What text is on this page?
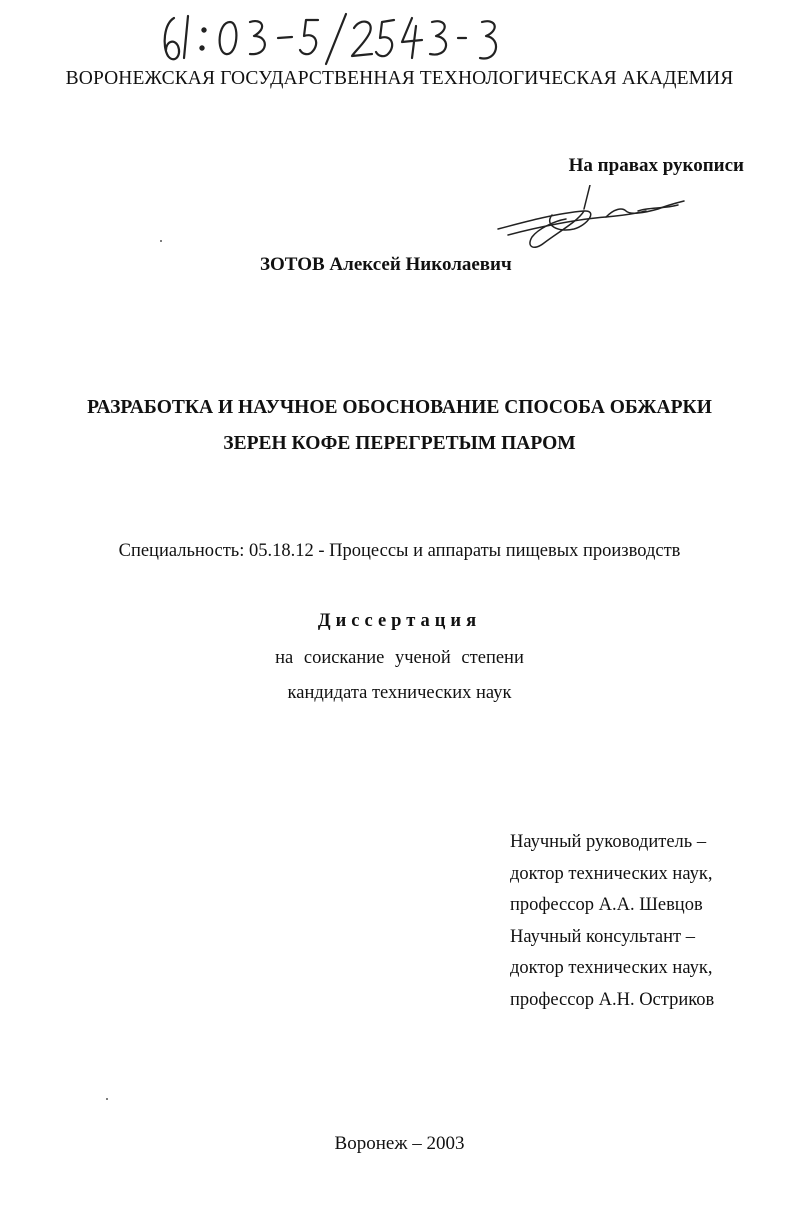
ВОРОНЕЖСКАЯ ГОСУДАРСТВЕННАЯ ТЕХНОЛОГИЧЕСКАЯ АКАДЕМИЯ
На правах рукописи
ЗОТОВ Алексей Николаевич
РАЗРАБОТКА И НАУЧНОЕ ОБОСНОВАНИЕ СПОСОБА ОБЖАРКИ
ЗЕРЕН КОФЕ ПЕРЕГРЕТЫМ ПАРОМ
Специальность: 05.18.12 - Процессы и аппараты пищевых производств
Диссертация
на соискание ученой степени
кандидата технических наук
Научный руководитель –
доктор технических наук,
профессор А.А. Шевцов
Научный консультант –
доктор технических наук,
профессор А.Н. Остриков
Воронеж – 2003
